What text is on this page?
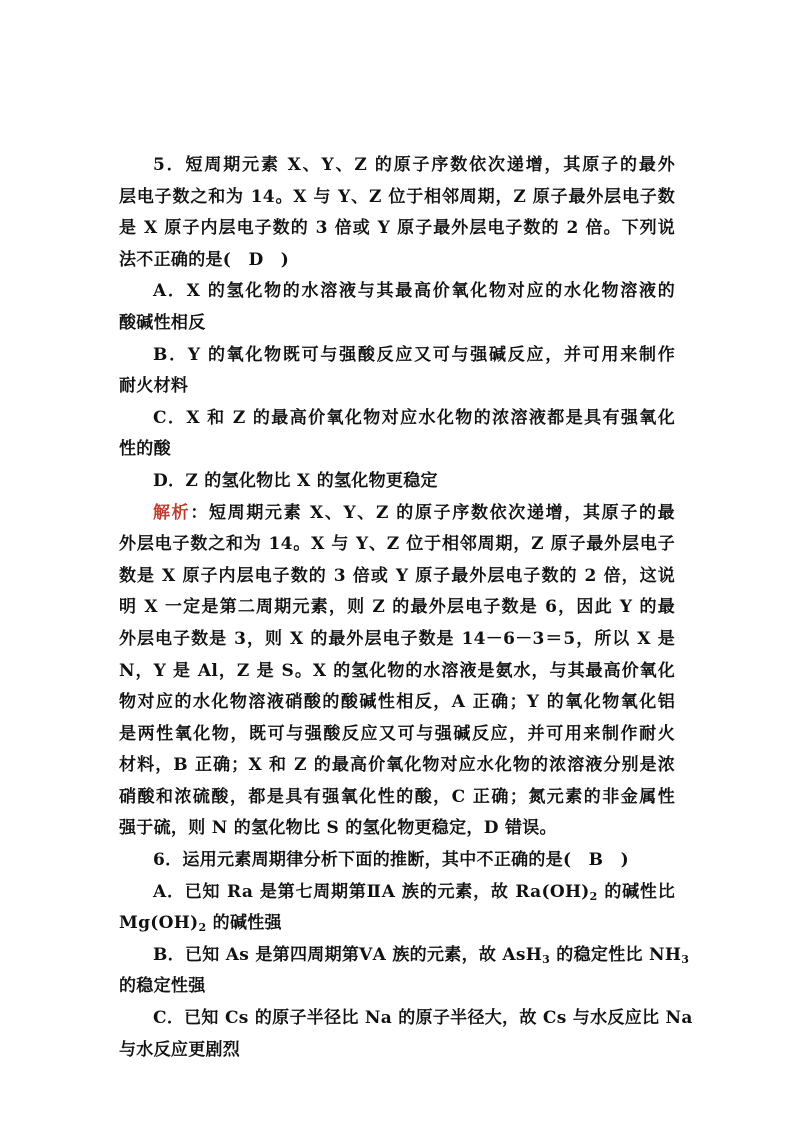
5．短周期元素 X、Y、Z 的原子序数依次递增，其原子的最外
层电子数之和为 14。X 与 Y、Z 位于相邻周期，Z 原子最外层电子数
是 X 原子内层电子数的 3 倍或 Y 原子最外层电子数的 2 倍。下列说
法不正确的是(　D　)
A．X 的氢化物的水溶液与其最高价氧化物对应的水化物溶液的
酸碱性相反
B．Y 的氧化物既可与强酸反应又可与强碱反应，并可用来制作
耐火材料
C．X 和 Z 的最高价氧化物对应水化物的浓溶液都是具有强氧化
性的酸
D．Z 的氢化物比 X 的氢化物更稳定
解析：短周期元素 X、Y、Z 的原子序数依次递增，其原子的最
外层电子数之和为 14。X 与 Y、Z 位于相邻周期，Z 原子最外层电子
数是 X 原子内层电子数的 3 倍或 Y 原子最外层电子数的 2 倍，这说
明 X 一定是第二周期元素，则 Z 的最外层电子数是 6，因此 Y 的最
外层电子数是 3，则 X 的最外层电子数是 14－6－3＝5，所以 X 是
N，Y 是 Al，Z 是 S。X 的氢化物的水溶液是氨水，与其最高价氧化
物对应的水化物溶液硝酸的酸碱性相反，A 正确；Y 的氧化物氧化铝
是两性氧化物，既可与强酸反应又可与强碱反应，并可用来制作耐火
材料，B 正确；X 和 Z 的最高价氧化物对应水化物的浓溶液分别是浓
硝酸和浓硫酸，都是具有强氧化性的酸，C 正确；氮元素的非金属性
强于硫，则 N 的氢化物比 S 的氢化物更稳定，D 错误。
6．运用元素周期律分析下面的推断，其中不正确的是(　B　)
A．已知 Ra 是第七周期第ⅡA 族的元素，故 $Ra(OH)_2$ 的碱性比
$Mg(OH)_2$ 的碱性强
B．已知 As 是第四周期第ⅤA 族的元素，故 AsH$_3$ 的稳定性比 $NH_3$
的稳定性强
C．已知 Cs 的原子半径比 Na 的原子半径大，故 Cs 与水反应比 Na
与水反应更剧烈
